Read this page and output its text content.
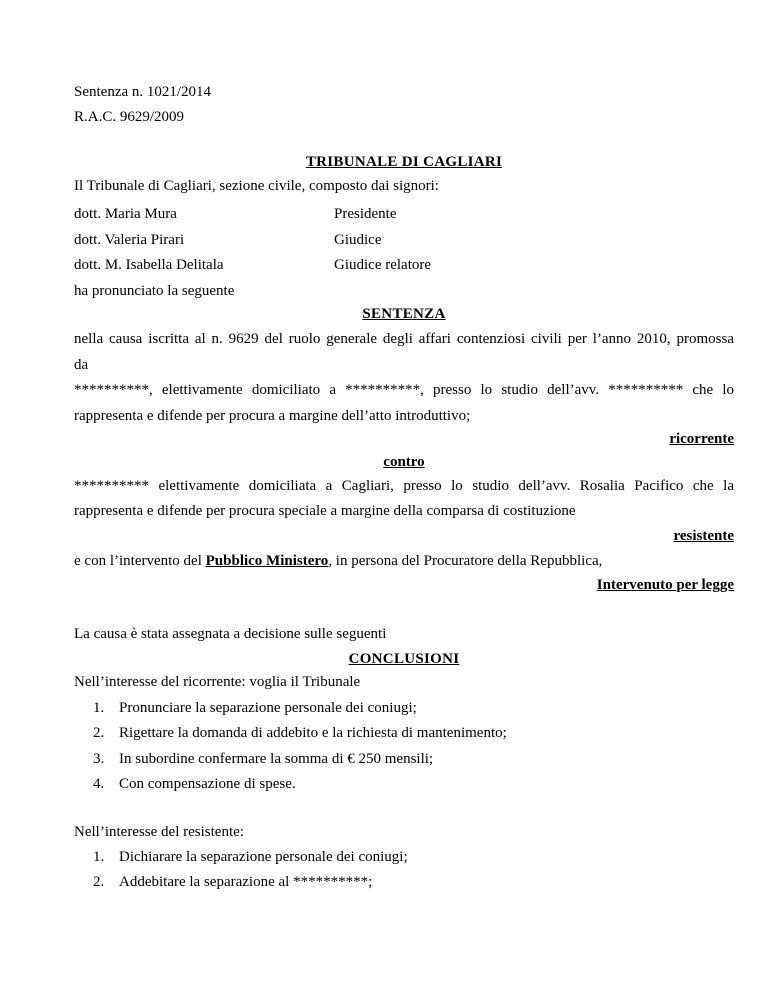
Sentenza n. 1021/2014
R.A.C. 9629/2009
TRIBUNALE DI CAGLIARI
Il Tribunale di Cagliari, sezione civile, composto dai signori:
dott. Maria Mura	Presidente
dott. Valeria Pirari	Giudice
dott. M. Isabella Delitala	Giudice relatore
ha pronunciato la seguente
SENTENZA
nella causa iscritta al n. 9629 del ruolo generale degli affari contenziosi civili per l’anno 2010, promossa
da
**********, elettivamente domiciliato a **********, presso lo studio dell’avv. ********** che lo
rappresenta e difende per procura a margine dell’atto introduttivo;
ricorrente
contro
********** elettivamente domiciliata a Cagliari, presso lo studio dell’avv. Rosalia Pacifico che la
rappresenta e difende per procura speciale a margine della comparsa di costituzione
resistente
e con l’intervento del Pubblico Ministero, in persona del Procuratore della Repubblica,
Intervenuto per legge
La causa è stata assegnata a decisione sulle seguenti
CONCLUSIONI
Nell’interesse del ricorrente: voglia il Tribunale
1. Pronunciare la separazione personale dei coniugi;
2. Rigettare la domanda di addebito e la richiesta di mantenimento;
3. In subordine confermare la somma di € 250 mensili;
4. Con compensazione di spese.
Nell’interesse del resistente:
1. Dichiarare la separazione personale dei coniugi;
2. Addebitare la separazione al **********;
